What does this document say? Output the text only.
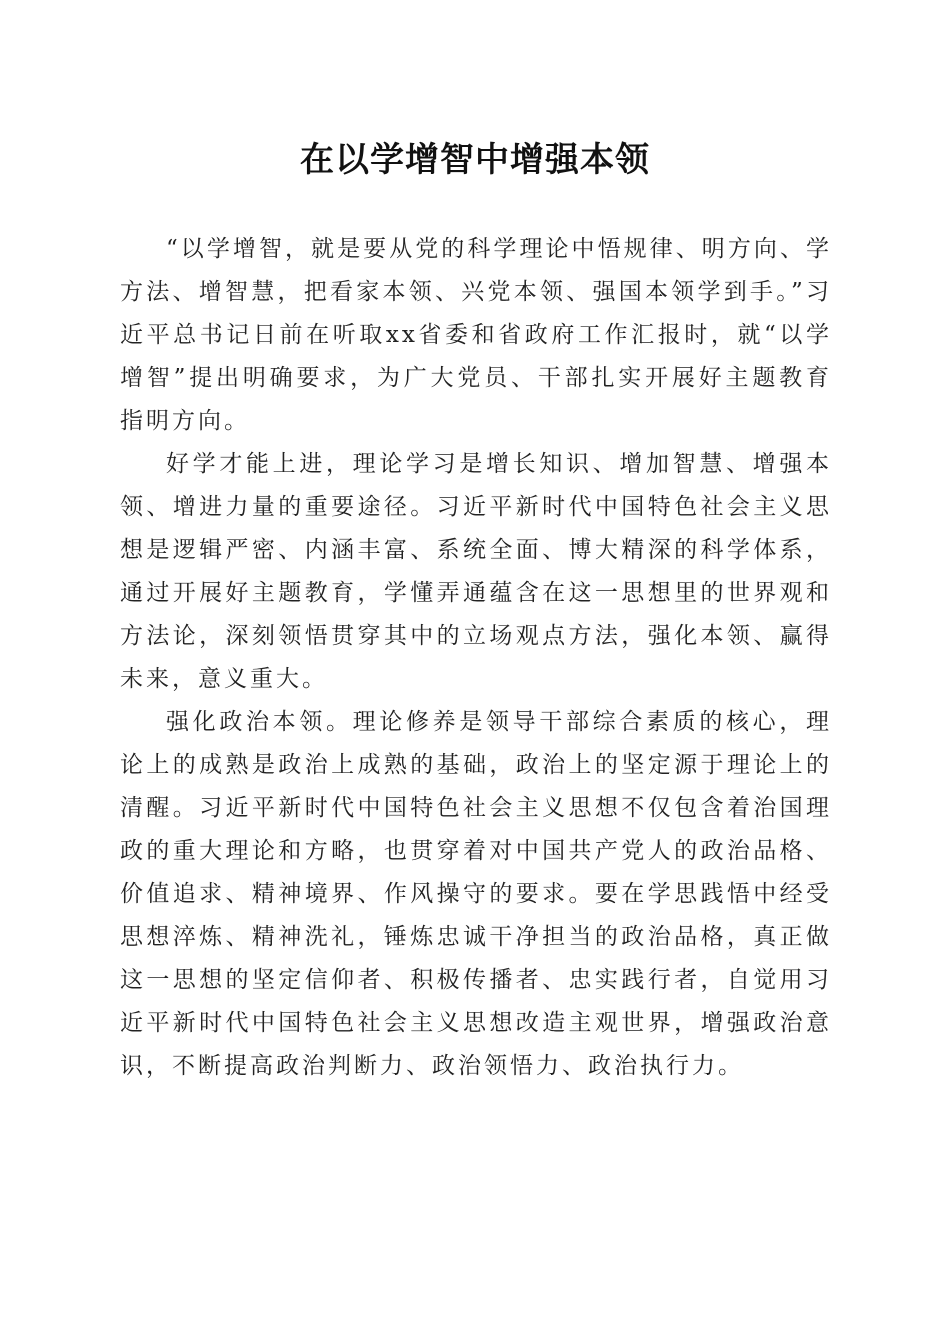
在以学增智中增强本领

“以学增智，就是要从党的科学理论中悟规律、明方向、学方法、增智慧，把看家本领、兴党本领、强国本领学到手。”习近平总书记日前在听取xx省委和省政府工作汇报时，就“以学增智”提出明确要求，为广大党员、干部扎实开展好主题教育指明方向。

好学才能上进，理论学习是增长知识、增加智慧、增强本领、增进力量的重要途径。习近平新时代中国特色社会主义思想是逻辑严密、内涵丰富、系统全面、博大精深的科学体系，通过开展好主题教育，学懂弄通蕴含在这一思想里的世界观和方法论，深刻领悟贯穿其中的立场观点方法，强化本领、赢得未来，意义重大。

强化政治本领。理论修养是领导干部综合素质的核心，理论上的成熟是政治上成熟的基础，政治上的坚定源于理论上的清醒。习近平新时代中国特色社会主义思想不仅包含着治国理政的重大理论和方略，也贯穿着对中国共产党人的政治品格、价值追求、精神境界、作风操守的要求。要在学思践悟中经受思想淬炼、精神洗礼，锤炼忠诚干净担当的政治品格，真正做这一思想的坚定信仰者、积极传播者、忠实践行者，自觉用习近平新时代中国特色社会主义思想改造主观世界，增强政治意识，不断提高政治判断力、政治领悟力、政治执行力。
